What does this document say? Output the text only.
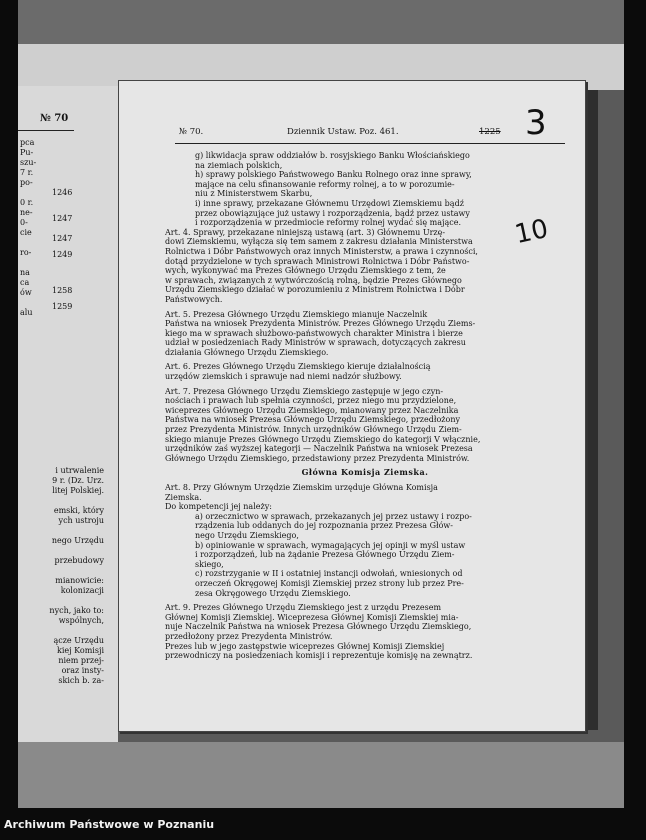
№ 70
pca
Pu-
szu-
7 r.
po-
0 r.
ne-
0-
cie
ro-
na
ca
ów
alu
1246
1247
1247
1249
1258
1259
i utrwalenie
9 r. (Dz. Urz.
litej Polskiej.
emski, który
ych ustroju
nego Urzędu
przebudowy
mianowicie:
kolonizacji
nych, jako to:
wspólnych,
ącze Urzędu
kiej Komisji
niem przej-
oraz insty-
skich b. za-
№ 70.	Dziennik Ustaw. Poz. 461.	1225 3
10
g) likwidacja spraw oddziałów b. rosyjskiego Banku Włościańskiego
na ziemiach polskich,
h) sprawy polskiego Państwowego Banku Rolnego oraz inne sprawy,
mające na celu sfinansowanie reformy rolnej, a to w porozumie-
niu z Ministerstwem Skarbu,
i) inne sprawy, przekazane Głównemu Urzędowi Ziemskiemu bądź
przez obowiązujące już ustawy i rozporządzenia, bądź przez ustawy
i rozporządzenia w przedmiocie reformy rolnej wydać się mające.
Art. 4. Sprawy, przekazane niniejszą ustawą (art. 3) Głównemu Urzę-
dowi Ziemskiemu, wyłącza się tem samem z zakresu działania Ministerstwa
Rolnictwa i Dóbr Państwowych oraz innych Ministerstw, a prawa i czynności,
dotąd przydzielone w tych sprawach Ministrowi Rolnictwa i Dóbr Państwo-
wych, wykonywać ma Prezes Głównego Urzędu Ziemskiego z tem, że
w sprawach, związanych z wytwórczością rolną, będzie Prezes Głównego
Urzędu Ziemskiego działać w porozumieniu z Ministrem Rolnictwa i Dóbr
Państwowych.
Art. 5. Prezesa Głównego Urzędu Ziemskiego mianuje Naczelnik
Państwa na wniosek Prezydenta Ministrów. Prezes Głównego Urzędu Ziems-
kiego ma w sprawach służbowo-państwowych charakter Ministra i bierze
udział w posiedzeniach Rady Ministrów w sprawach, dotyczących zakresu
działania Głównego Urzędu Ziemskiego.
Art. 6. Prezes Głównego Urzędu Ziemskiego kieruje działalnością
urzędów ziemskich i sprawuje nad niemi nadzór służbowy.
Art. 7. Prezesa Głównego Urzędu Ziemskiego zastępuje w jego czyn-
nościach i prawach lub spełnia czynności, przez niego mu przydzielone,
wiceprezes Głównego Urzędu Ziemskiego, mianowany przez Naczelnika
Państwa na wniosek Prezesa Głównego Urzędu Ziemskiego, przedłożony
przez Prezydenta Ministrów. Innych urzędników Głównego Urzędu Ziem-
skiego mianuje Prezes Głównego Urzędu Ziemskiego do kategorji V włącznie,
urzędników zaś wyższej kategorji — Naczelnik Państwa na wniosek Prezesa
Głównego Urzędu Ziemskiego, przedstawiony przez Prezydenta Ministrów.
Główna Komisja Ziemska.
Art. 8. Przy Głównym Urzędzie Ziemskim urzęduje Główna Komisja
Ziemska.
Do kompetencji jej należy:
a) orzecznictwo w sprawach, przekazanych jej przez ustawy i rozpo-
rządzenia lub oddanych do jej rozpoznania przez Prezesa Głów-
nego Urzędu Ziemskiego,
b) opiniowanie w sprawach, wymagających jej opinji w myśl ustaw
i rozporządzeń, lub na żądanie Prezesa Głównego Urzędu Ziem-
skiego,
c) rozstrzyganie w II i ostatniej instancji odwołań, wniesionych od
orzeczeń Okręgowej Komisji Ziemskiej przez strony lub przez Pre-
zesa Okręgowego Urzędu Ziemskiego.
Art. 9. Prezes Głównego Urzędu Ziemskiego jest z urzędu Prezesem
Głównej Komisji Ziemskiej. Wiceprezesa Głównej Komisji Ziemskiej mia-
nuje Naczelnik Państwa na wniosek Prezesa Głównego Urzędu Ziemskiego,
przedłożony przez Prezydenta Ministrów.
Prezes lub w jego zastępstwie wiceprezes Głównej Komisji Ziemskiej
przewodniczy na posiedzeniach komisji i reprezentuje komisję na zewnątrz.
Archiwum Państwowe w Poznaniu
